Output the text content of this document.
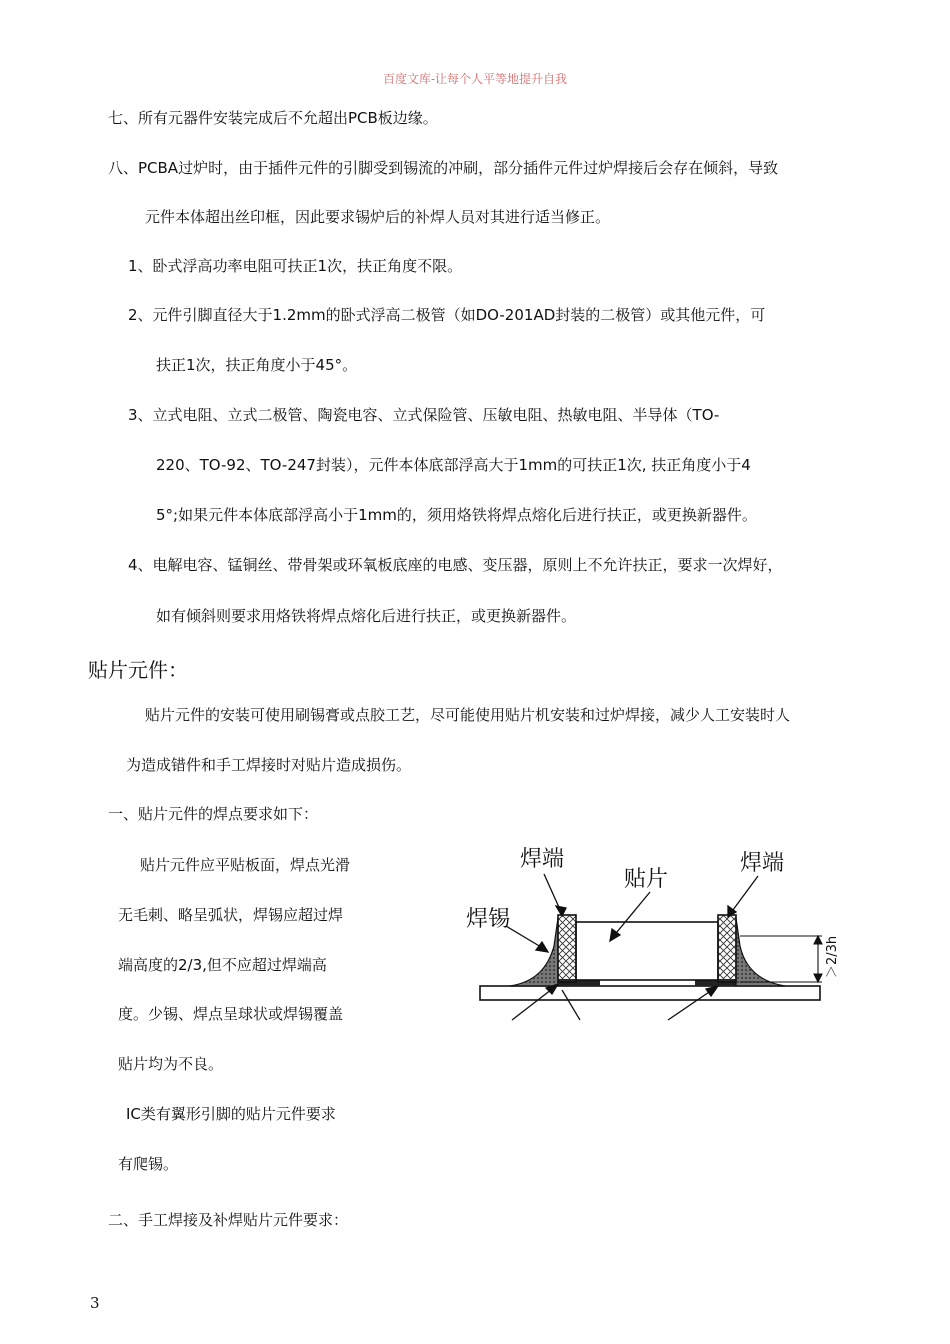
百度文库-让每个人平等地提升自我
七、所有元器件安装完成后不允超出PCB板边缘。
八、PCBA过炉时，由于插件元件的引脚受到锡流的冲刷，部分插件元件过炉焊接后会存在倾斜，导致
元件本体超出丝印框，因此要求锡炉后的补焊人员对其进行适当修正。
1、卧式浮高功率电阻可扶正1次，扶正角度不限。
2、元件引脚直径大于1.2mm的卧式浮高二极管（如DO-201AD封装的二极管）或其他元件，可
扶正1次，扶正角度小于45°。
3、立式电阻、立式二极管、陶瓷电容、立式保险管、压敏电阻、热敏电阻、半导体（TO-
220、TO-92、TO-247封装），元件本体底部浮高大于1mm的可扶正1次, 扶正角度小于4
5°;如果元件本体底部浮高小于1mm的，须用烙铁将焊点熔化后进行扶正，或更换新器件。
4、电解电容、锰铜丝、带骨架或环氧板底座的电感、变压器，原则上不允许扶正，要求一次焊好，
如有倾斜则要求用烙铁将焊点熔化后进行扶正，或更换新器件。
贴片元件：
贴片元件的安装可使用刷锡膏或点胶工艺，尽可能使用贴片机安装和过炉焊接，减少人工安装时人
为造成错件和手工焊接时对贴片造成损伤。
一、贴片元件的焊点要求如下：
贴片元件应平贴板面，焊点光滑
无毛刺、略呈弧状，焊锡应超过焊
端高度的2/3,但不应超过焊端高
度。少锡、焊点呈球状或焊锡覆盖
贴片均为不良。
IC类有翼形引脚的贴片元件要求
有爬锡。
二、手工焊接及补焊贴片元件要求：
焊端
贴片
焊端
焊锡
＞2/3h
3
